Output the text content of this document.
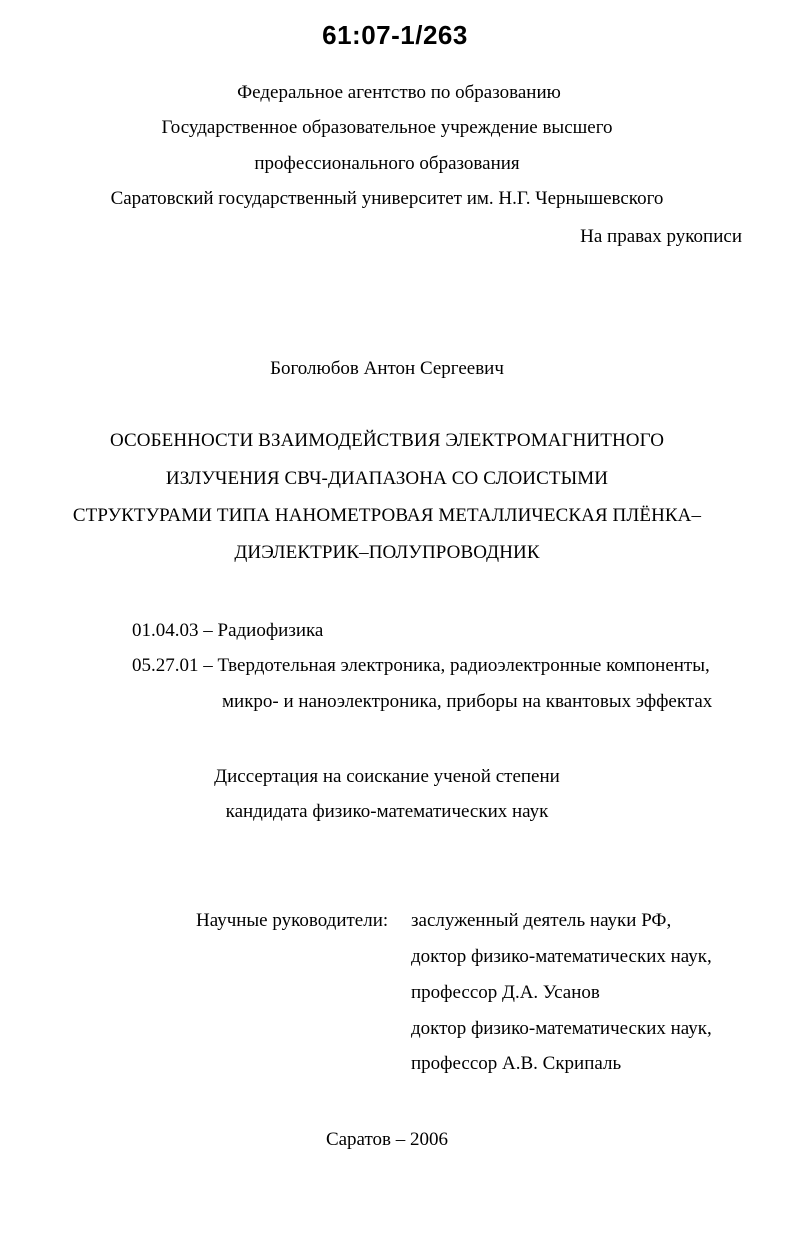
61:07-1/263
Федеральное агентство по образованию
Государственное образовательное учреждение высшего
профессионального образования
Саратовский государственный университет им. Н.Г. Чернышевского
На правах рукописи
Боголюбов Антон Сергеевич
ОСОБЕННОСТИ ВЗАИМОДЕЙСТВИЯ ЭЛЕКТРОМАГНИТНОГО
ИЗЛУЧЕНИЯ СВЧ-ДИАПАЗОНА СО СЛОИСТЫМИ
СТРУКТУРАМИ ТИПА НАНОМЕТРОВАЯ МЕТАЛЛИЧЕСКАЯ ПЛЁНКА–
ДИЭЛЕКТРИК–ПОЛУПРОВОДНИК
01.04.03 – Радиофизика
05.27.01 – Твердотельная электроника, радиоэлектронные компоненты,
микро- и наноэлектроника, приборы на квантовых эффектах
Диссертация на соискание ученой степени
кандидата физико-математических наук
Научные руководители: заслуженный деятель науки РФ,
доктор физико-математических наук,
профессор Д.А. Усанов
доктор физико-математических наук,
профессор А.В. Скрипаль
Саратов – 2006
